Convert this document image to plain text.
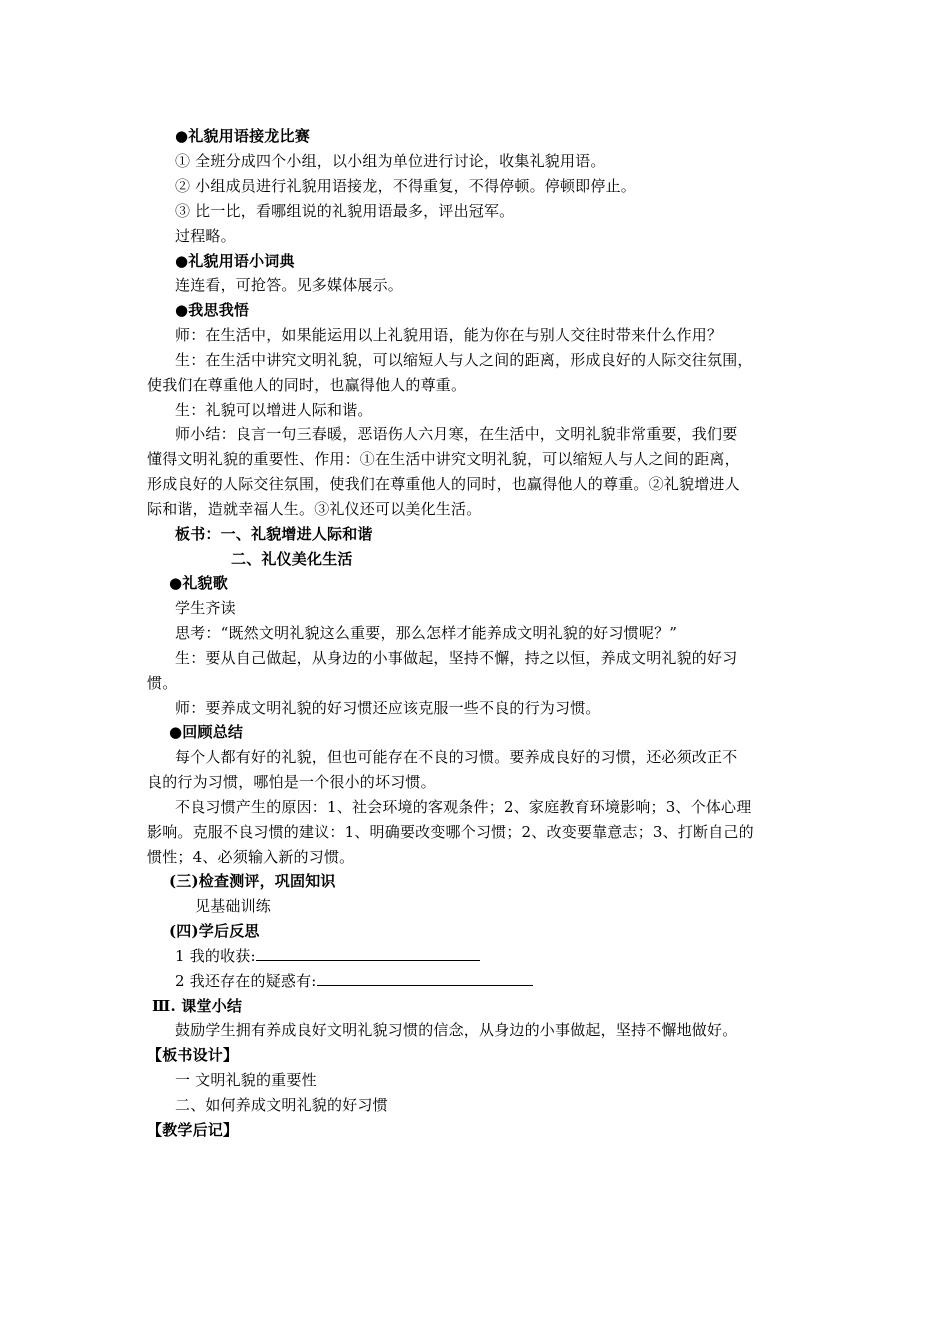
●礼貌用语接龙比赛
① 全班分成四个小组，以小组为单位进行讨论，收集礼貌用语。
② 小组成员进行礼貌用语接龙，不得重复，不得停顿。停顿即停止。
③ 比一比，看哪组说的礼貌用语最多，评出冠军。
过程略。
●礼貌用语小词典
连连看，可抢答。见多媒体展示。
●我思我悟
师：在生活中，如果能运用以上礼貌用语，能为你在与别人交往时带来什么作用？
生：在生活中讲究文明礼貌，可以缩短人与人之间的距离，形成良好的人际交往氛围，
使我们在尊重他人的同时，也赢得他人的尊重。
生：礼貌可以增进人际和谐。
师小结：良言一句三春暖，恶语伤人六月寒，在生活中，文明礼貌非常重要，我们要
懂得文明礼貌的重要性、作用：①在生活中讲究文明礼貌，可以缩短人与人之间的距离，
形成良好的人际交往氛围，使我们在尊重他人的同时，也赢得他人的尊重。②礼貌增进人
际和谐，造就幸福人生。③礼仪还可以美化生活。
板书：一、礼貌增进人际和谐
二、礼仪美化生活
●礼貌歌
学生齐读
思考：“既然文明礼貌这么重要，那么怎样才能养成文明礼貌的好习惯呢？”
生：要从自己做起，从身边的小事做起，坚持不懈，持之以恒，养成文明礼貌的好习
惯。
师：要养成文明礼貌的好习惯还应该克服一些不良的行为习惯。
●回顾总结
每个人都有好的礼貌，但也可能存在不良的习惯。要养成良好的习惯，还必须改正不
良的行为习惯，哪怕是一个很小的坏习惯。
不良习惯产生的原因：1、社会环境的客观条件；2、家庭教育环境影响；3、个体心理
影响。克服不良习惯的建议：1、明确要改变哪个习惯；2、改变要靠意志；3、打断自己的
惯性；4、必须输入新的习惯。
(三)检查测评，巩固知识
见基础训练
(四)学后反思
1 我的收获:
2 我还存在的疑惑有:
Ⅲ. 课堂小结
鼓励学生拥有养成良好文明礼貌习惯的信念，从身边的小事做起，坚持不懈地做好。
【板书设计】
一 文明礼貌的重要性
二、如何养成文明礼貌的好习惯
【教学后记】
